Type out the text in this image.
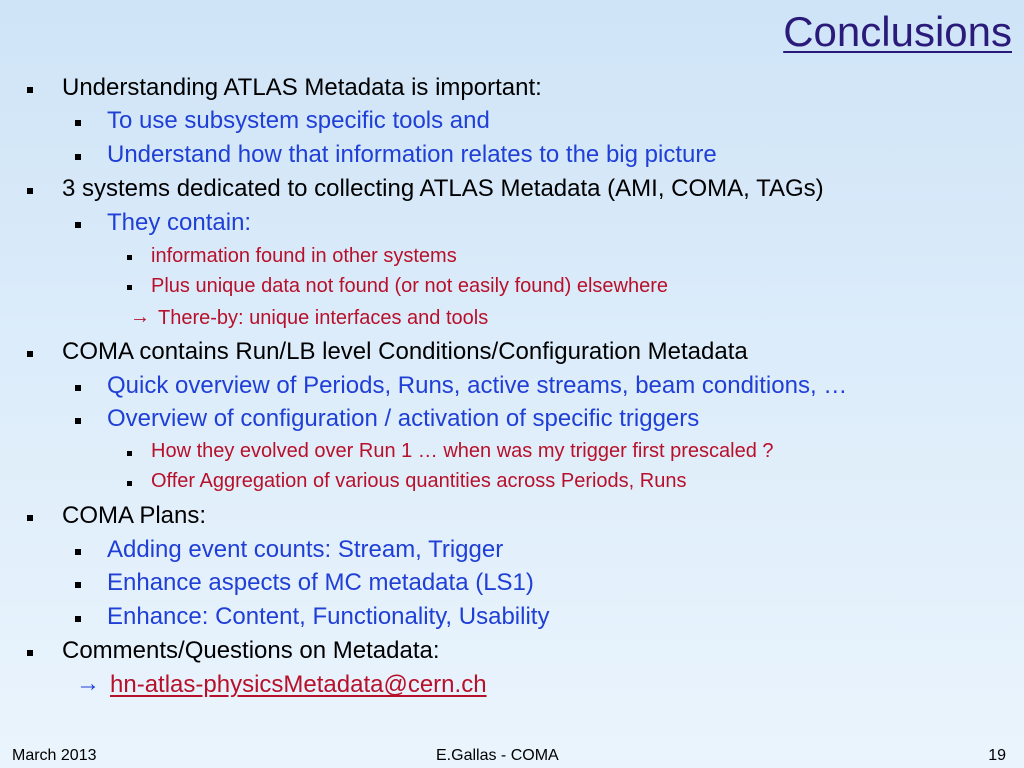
Conclusions
Understanding ATLAS Metadata is important:
To use subsystem specific tools and
Understand how that information relates to the big picture
3 systems dedicated to collecting ATLAS Metadata (AMI, COMA, TAGs)
They contain:
information found in other systems
Plus unique data not found (or not easily found) elsewhere
→ There-by: unique interfaces and tools
COMA contains Run/LB level Conditions/Configuration Metadata
Quick overview of Periods, Runs, active streams, beam conditions, …
Overview of configuration / activation of specific triggers
How they evolved over Run 1 … when was my trigger first prescaled ?
Offer Aggregation of various quantities across Periods, Runs
COMA Plans:
Adding event counts: Stream, Trigger
Enhance aspects of MC metadata (LS1)
Enhance: Content, Functionality, Usability
Comments/Questions on Metadata:
→ hn-atlas-physicsMetadata@cern.ch
March 2013	E.Gallas - COMA	19
